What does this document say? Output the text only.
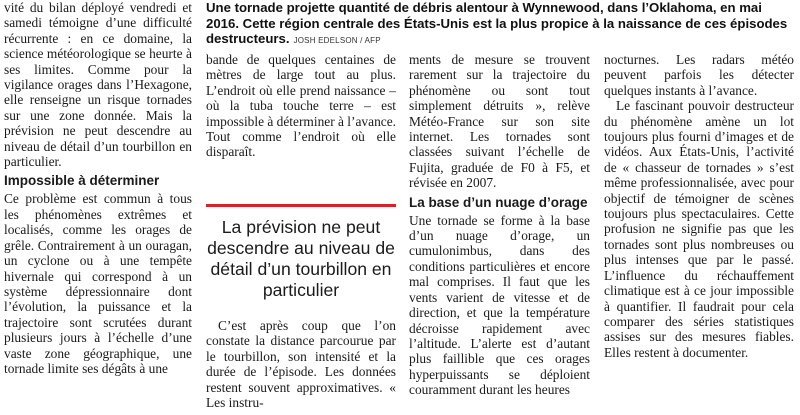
Une tornade projette quantité de débris alentour à Wynnewood, dans l’Oklahoma, en mai 2016. Cette région centrale des États-Unis est la plus propice à la naissance de ces épisodes destructeurs. JOSH EDELSON / AFP

vité du bilan déployé vendredi et samedi témoigne d’une difficulté récurrente : en ce domaine, la science météorologique se heurte à ses limites. Comme pour la vigilance orages dans l’Hexagone, elle renseigne un risque tornades sur une zone donnée. Mais la prévision ne peut descendre au niveau de détail d’un tourbillon en particulier.

Impossible à déterminer

Ce problème est commun à tous les phénomènes extrêmes et localisés, comme les orages de grêle. Contrairement à un ouragan, un cyclone ou à une tempête hivernale qui correspond à un système dépressionnaire dont l’évolution, la puissance et la trajectoire sont scrutées durant plusieurs jours à l’échelle d’une vaste zone géographique, une tornade limite ses dégâts à une

bande de quelques centaines de mètres de large tout au plus. L’endroit où elle prend naissance – où la tuba touche terre – est impossible à déterminer à l’avance. Tout comme l’endroit où elle disparaît.

La prévision ne peut descendre au niveau de détail d’un tourbillon en particulier

C’est après coup que l’on constate la distance parcourue par le tourbillon, son intensité et la durée de l’épisode. Les données restent souvent approximatives. « Les instru-

ments de mesure se trouvent rarement sur la trajectoire du phénomène ou sont tout simplement détruits », relève Météo-France sur son site internet. Les tornades sont classées suivant l’échelle de Fujita, graduée de F0 à F5, et révisée en 2007.

La base d’un nuage d’orage

Une tornade se forme à la base d’un nuage d’orage, un cumulonimbus, dans des conditions particulières et encore mal comprises. Il faut que les vents varient de vitesse et de direction, et que la température décroisse rapidement avec l’altitude. L’alerte est d’autant plus faillible que ces orages hyperpuissants se déploient couramment durant les heures

nocturnes. Les radars météo peuvent parfois les détecter quelques instants à l’avance.

Le fascinant pouvoir destructeur du phénomène amène un lot toujours plus fourni d’images et de vidéos. Aux États-Unis, l’activité de « chasseur de tornades » s’est même professionnalisée, avec pour objectif de témoigner de scènes toujours plus spectaculaires. Cette profusion ne signifie pas que les tornades sont plus nombreuses ou plus intenses que par le passé. L’influence du réchauffement climatique est à ce jour impossible à quantifier. Il faudrait pour cela comparer des séries statistiques assises sur des mesures fiables. Elles restent à documenter.
